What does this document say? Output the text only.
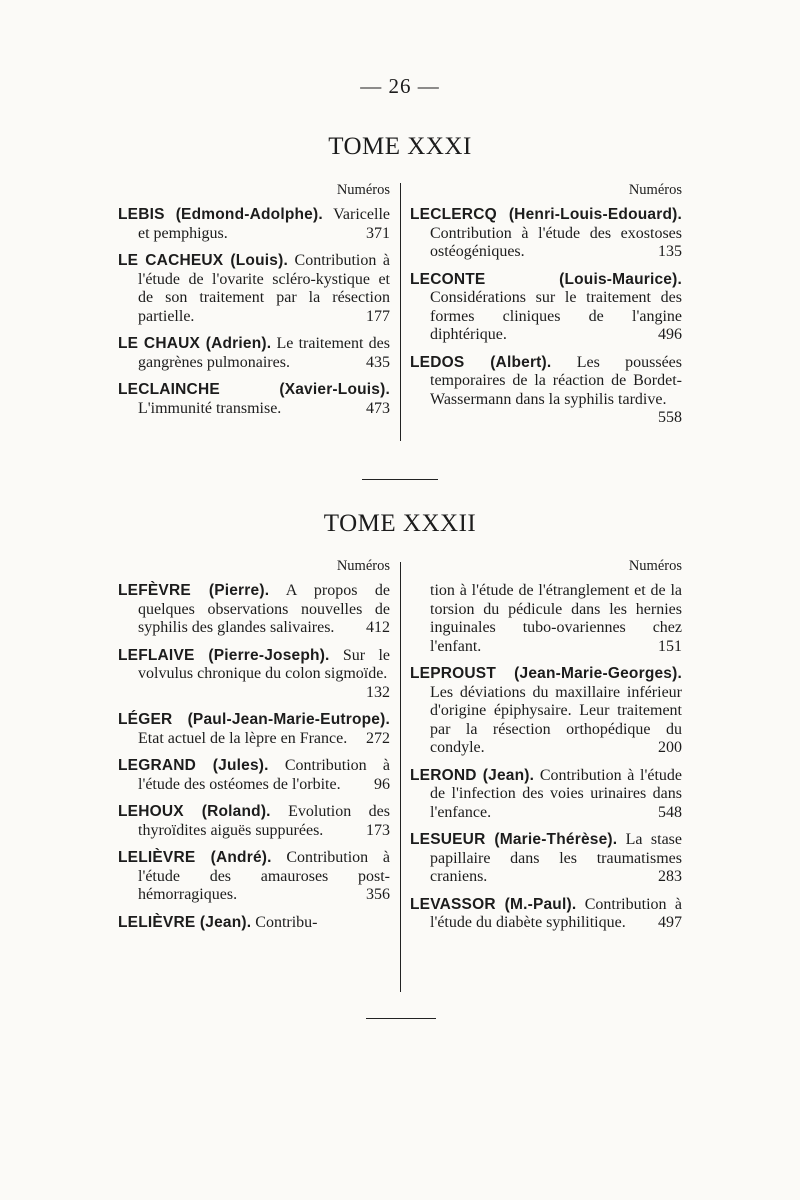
— 26 —
TOME XXXI
Numéros

LEBIS (Edmond-Adolphe). Varicelle et pemphigus.	371

LE CACHEUX (Louis). Contribution à l'étude de l'ovarite scléro-kystique et de son traitement par la résection partielle.	177

LE CHAUX (Adrien). Le traitement des gangrènes pulmonaires.	435

LECLAINCHE (Xavier-Louis). L'immunité transmise.	473

Numéros

LECLERCQ (Henri-Louis-Edouard). Contribution à l'étude des exostoses ostéogéniques.	135

LECONTE (Louis-Maurice). Considérations sur le traitement des formes cliniques de l'angine diphtérique.	496

LEDOS (Albert). Les poussées temporaires de la réaction de Bordet-Wassermann dans la syphilis tardive.
558

TOME XXXII
Numéros

LEFÈVRE (Pierre). A propos de quelques observations nouvelles de syphilis des glandes salivaires. 412

LEFLAIVE (Pierre-Joseph). Sur le volvulus chronique du colon sigmoïde.
132

LÉGER (Paul-Jean-Marie-Eutrope). Etat actuel de la lèpre en France. 272

LEGRAND (Jules). Contribution à l'étude des ostéomes de l'orbite. 96

LEHOUX (Roland). Evolution des thyroïdites aiguës suppurées.	173

LELIÈVRE (André). Contribution à l'étude des amauroses post-hémorragiques.	356

LELIÈVRE (Jean). Contribu-

Numéros

tion à l'étude de l'étranglement et de la torsion du pédicule dans les hernies inguinales tubo-ovariennes chez l'enfant.	151

LEPROUST (Jean-Marie-Georges). Les déviations du maxillaire inférieur d'origine épiphysaire. Leur traitement par la résection orthopédique du condyle.	200

LEROND (Jean). Contribution à l'étude de l'infection des voies urinaires dans l'enfance.	548

LESUEUR (Marie-Thérèse). La stase papillaire dans les traumatismes craniens.	283

LEVASSOR (M.-Paul). Contribution à l'étude du diabète syphilitique. 497
